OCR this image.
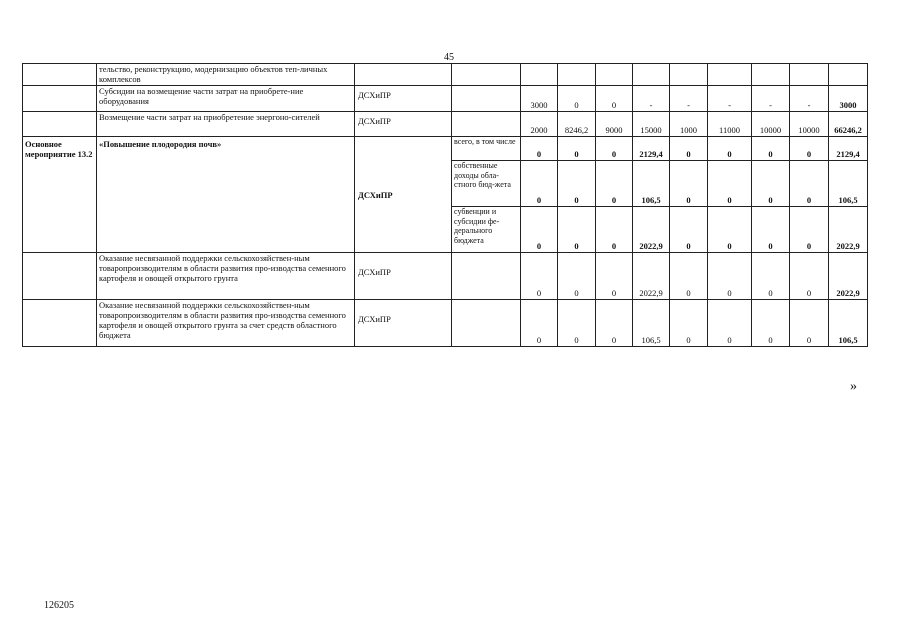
45
	тельство, реконструкцию, модернизацию объектов теп-личных комплексов											
	Субсидии на возмещение части затрат на приобрете-ние оборудования	ДСХиПР		3000	0	0	-	-	-	-	-	3000
	Возмещение части затрат на приобретение энергоно-сителей	ДСХиПР		2000	8246,2	9000	15000	1000	11000	10000	10000	66246,2
Основное мероприятие 13.2	«Повышение плодородия почв»	ДСХиПР	всего, в том числе	0	0	0	2129,4	0	0	0	0	2129,4
			собственные доходы обла-стного бюд-жета	0	0	0	106,5	0	0	0	0	106,5
			субвенции и субсидии фе-дерального бюджета	0	0	0	2022,9	0	0	0	0	2022,9
	Оказание несвязанной поддержки сельскохозяйствен-ным товаропроизводителям в области развития про-изводства семенного картофеля и овощей открытого грунта	ДСХиПР		0	0	0	2022,9	0	0	0	0	2022,9
	Оказание несвязанной поддержки сельскохозяйствен-ным товаропроизводителям в области развития про-изводства семенного картофеля и овощей открытого грунта за счет средств областного бюджета	ДСХиПР		0	0	0	106,5	0	0	0	0	106,5
»
126205
